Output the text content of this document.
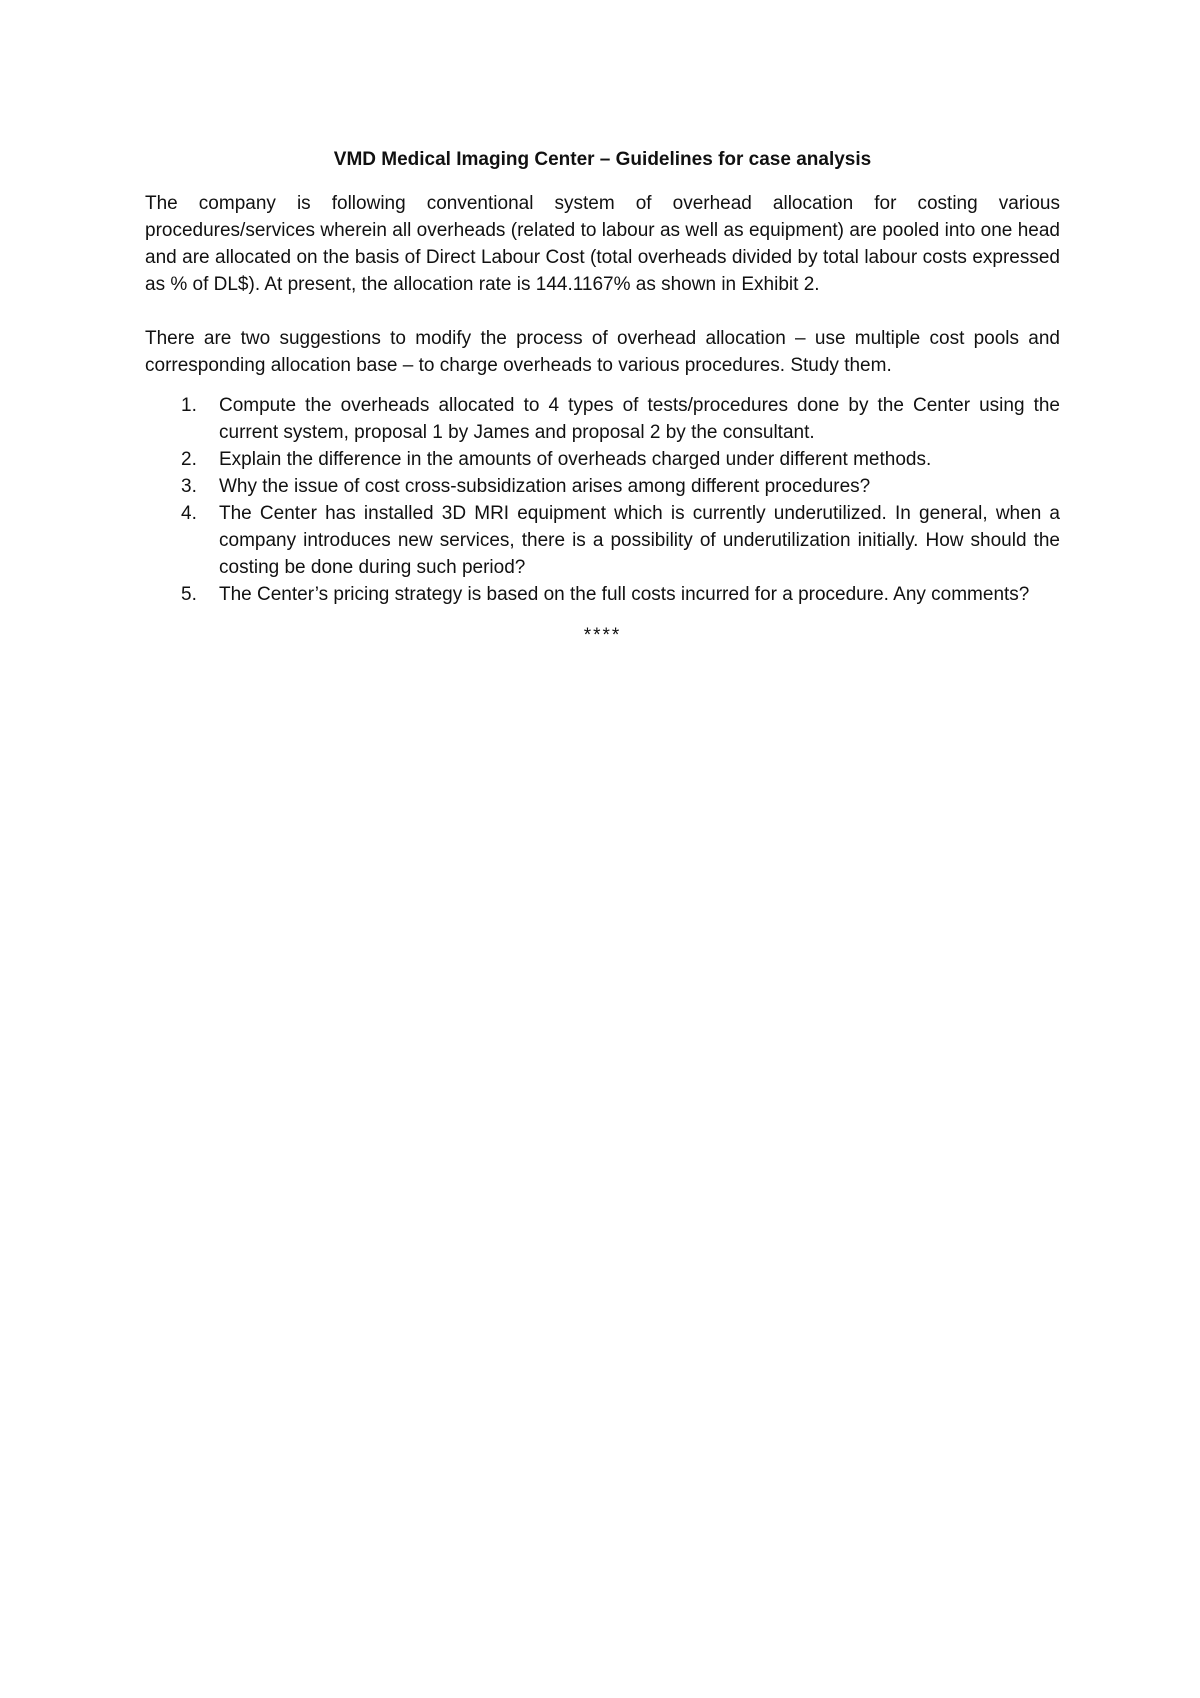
VMD Medical Imaging Center – Guidelines for case analysis
The company is following conventional system of overhead allocation for costing various procedures/services wherein all overheads (related to labour as well as equipment) are pooled into one head and are allocated on the basis of Direct Labour Cost (total overheads divided by total labour costs expressed as % of DL$). At present, the allocation rate is 144.1167% as shown in Exhibit 2.
There are two suggestions to modify the process of overhead allocation – use multiple cost pools and corresponding allocation base – to charge overheads to various procedures. Study them.
1. Compute the overheads allocated to 4 types of tests/procedures done by the Center using the current system, proposal 1 by James and proposal 2 by the consultant.
2. Explain the difference in the amounts of overheads charged under different methods.
3. Why the issue of cost cross-subsidization arises among different procedures?
4. The Center has installed 3D MRI equipment which is currently underutilized. In general, when a company introduces new services, there is a possibility of underutilization initially. How should the costing be done during such period?
5. The Center’s pricing strategy is based on the full costs incurred for a procedure. Any comments?
****
